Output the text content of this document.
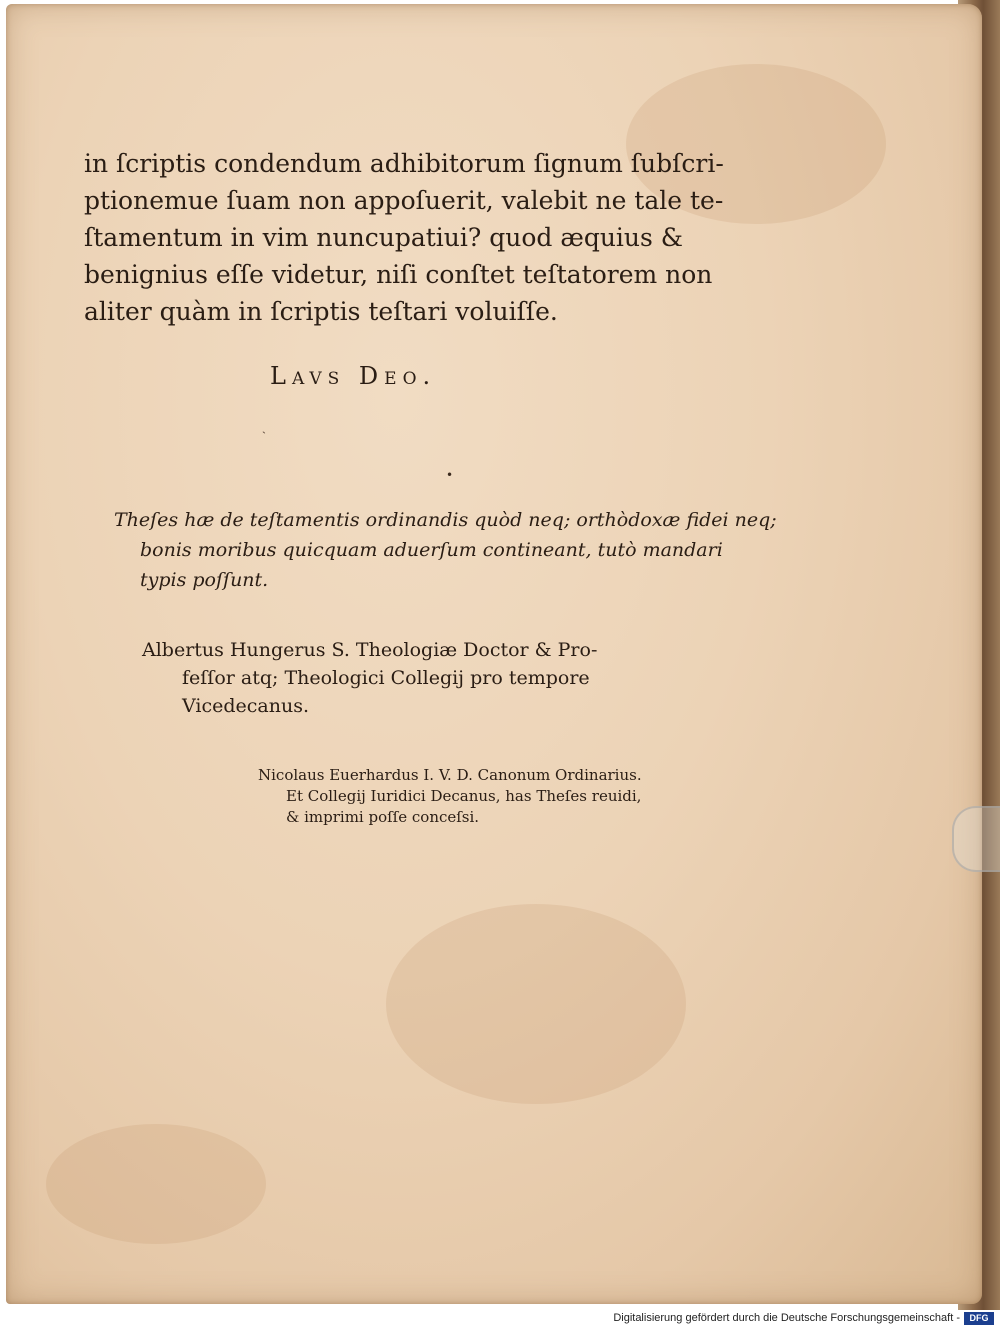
in ſcriptis condendum adhibitorum ſignum ſubſcri-
ptionemue ſuam non appoſuerit, valebit ne tale te-
ſtamentum in vim nuncupatiui? quod æquius &
benignius eſſe videtur, niſi conſtet teſtatorem non
aliter quàm in ſcriptis teſtari voluiſſe.
Lavs Deo.
•
ˏ
Theſes hæ de teſtamentis ordinandis quòd neq; orthòdoxæ fidei neq;
bonis moribus quicquam aduerſum contineant, tutò mandari
typis poſſunt.
Albertus Hungerus S. Theologiæ Doctor & Pro-
feſſor atq; Theologici Collegij pro tempore
Vicedecanus.
Nicolaus Euerhardus I. V. D. Canonum Ordinarius.
Et Collegij Iuridici Decanus, has Theſes reuidi,
& imprimi poſſe conceſsi.
Digitalisierung gefördert durch die Deutsche Forschungsgemeinschaft -	DFG
